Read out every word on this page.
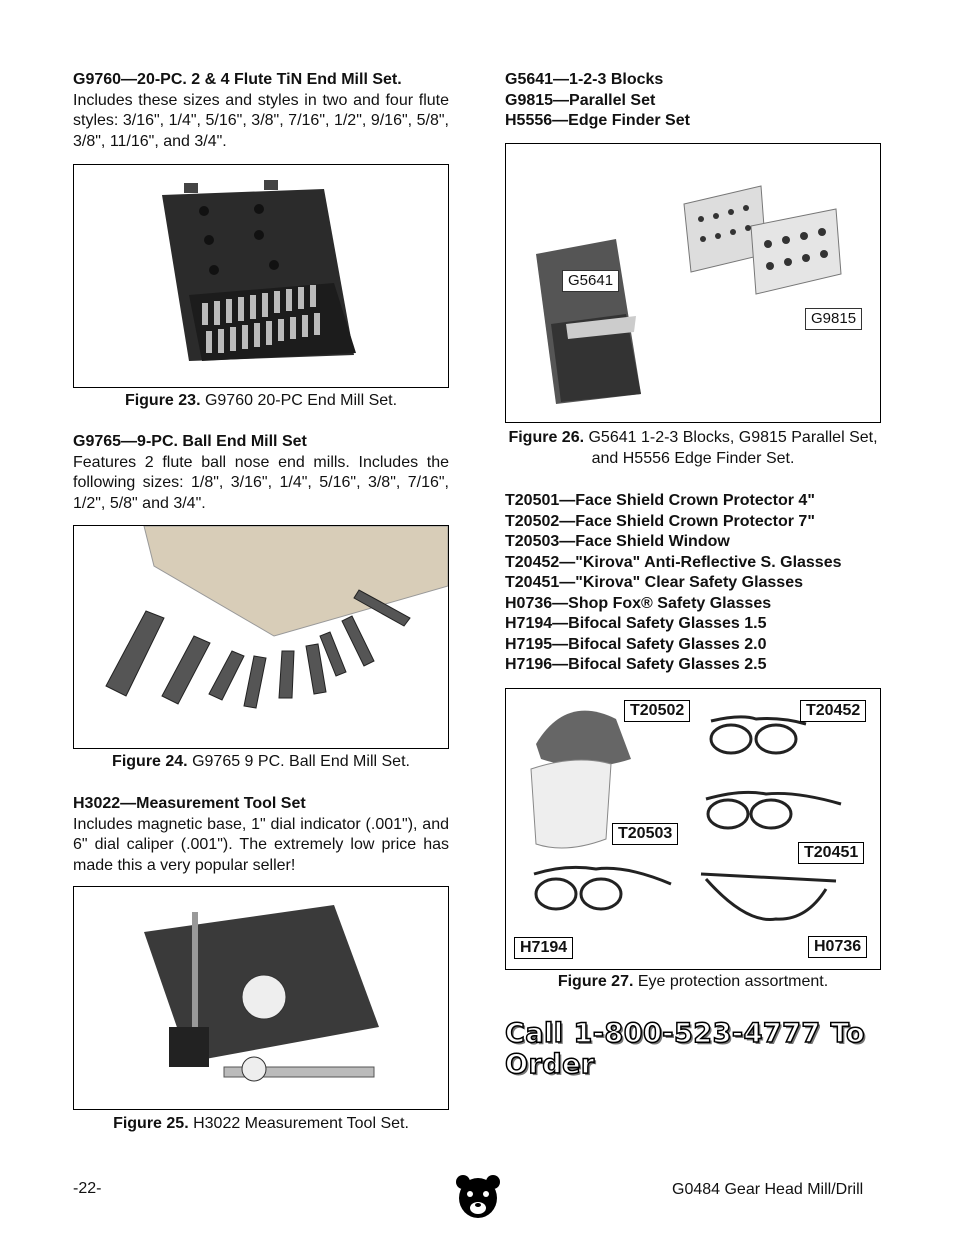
G9760—20-PC. 2 & 4 Flute TiN End Mill Set.

Includes these sizes and styles in two and four flute styles: 3/16", 1/4", 5/16", 3/8", 7/16", 1/2", 9/16", 5/8", 3/8", 11/16", and 3/4".

Figure 23. G9760 20-PC End Mill Set.

G9765—9-PC. Ball End Mill Set

Features 2 flute ball nose end mills. Includes the following sizes: 1/8", 3/16", 1/4", 5/16", 3/8", 7/16", 1/2", 5/8" and 3/4".

Figure 24. G9765 9 PC. Ball End Mill Set.

H3022—Measurement Tool Set

Includes magnetic base, 1" dial indicator (.001"), and 6" dial caliper (.001"). The extremely low price has made this a very popular seller!

Figure 25. H3022 Measurement Tool Set.

G5641—1-2-3 Blocks

G9815—Parallel Set

H5556—Edge Finder Set

G5641
G9815
Figure 26. G5641 1-2-3 Blocks, G9815 Parallel Set, and H5556 Edge Finder Set.

T20501—Face Shield Crown Protector 4"

T20502—Face Shield Crown Protector 7"

T20503—Face Shield Window

T20452—"Kirova" Anti-Reflective S. Glasses

T20451—"Kirova" Clear Safety Glasses

H0736—Shop Fox® Safety Glasses

H7194—Bifocal Safety Glasses 1.5

H7195—Bifocal Safety Glasses 2.0

H7196—Bifocal Safety Glasses 2.5

T20502	T20452
T20503
T20451
H7194	H0736
Figure 27. Eye protection assortment.
Call 1-800-523-4777 To Order
-22-	G0484 Gear Head Mill/Drill
